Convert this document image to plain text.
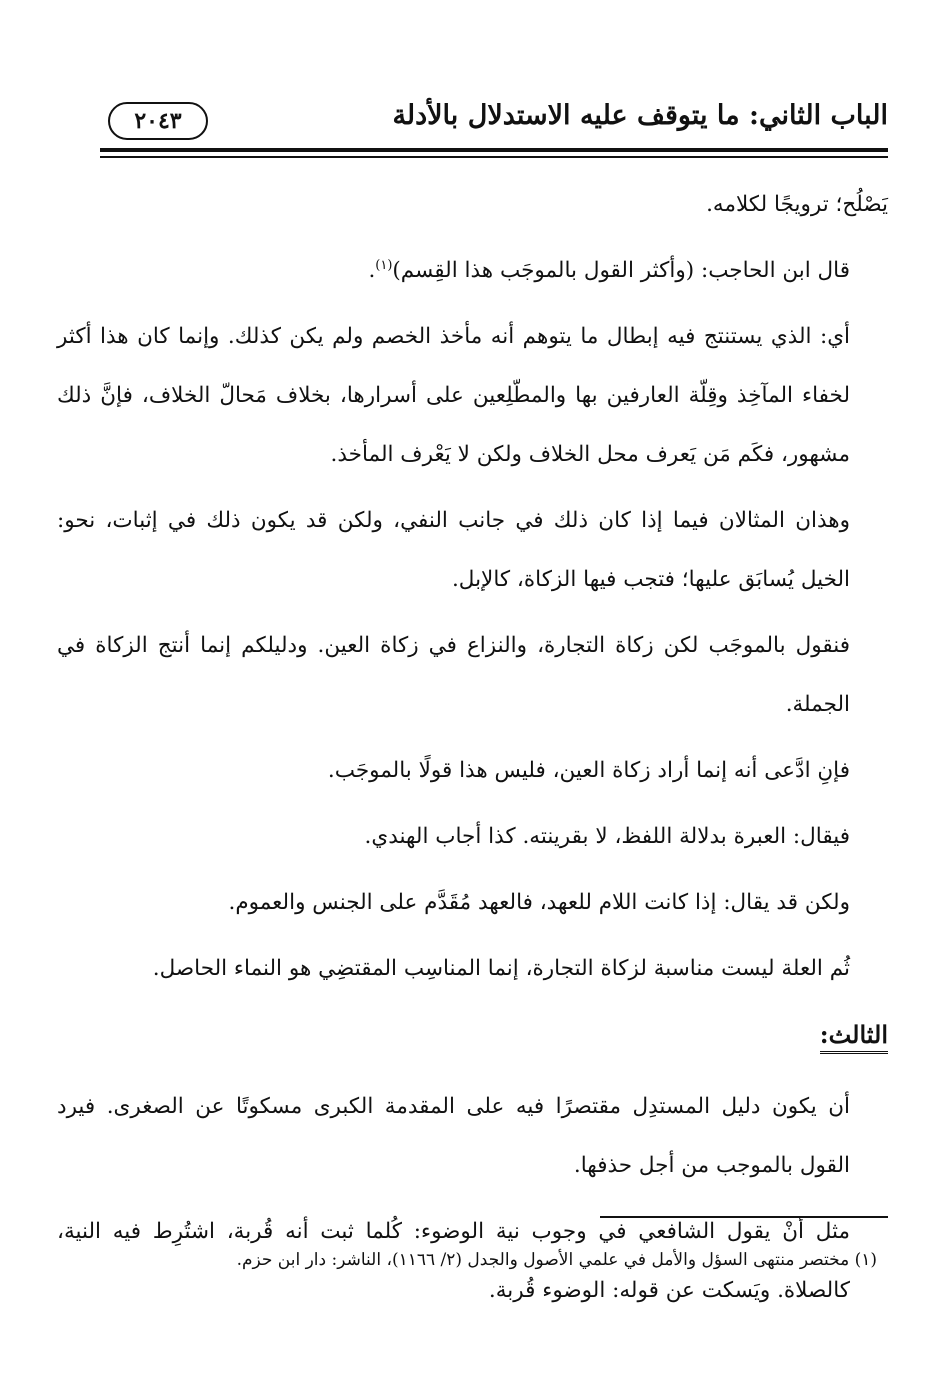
الباب الثاني: ما يتوقف عليه الاستدلال بالأدلة
٢٠٤٣

يَصْلُح؛ ترويجًا لكلامه.

قال ابن الحاجب: (وأكثر القول بالموجَب هذا القِسم)$^{(١)}$.

أي: الذي يستنتج فيه إبطال ما يتوهم أنه مأخذ الخصم ولم يكن كذلك. وإنما كان هذا أكثر لخفاء المآخِذ وقِلّة العارفين بها والمطّلِعين على أسرارها، بخلاف مَحالّ الخلاف، فإنَّ ذلك مشهور، فكَم مَن يَعرف محل الخلاف ولكن لا يَعْرف المأخذ.

وهذان المثالان فيما إذا كان ذلك في جانب النفي، ولكن قد يكون ذلك في إثبات، نحو: الخيل يُسابَق عليها؛ فتجب فيها الزكاة، كالإبل.

فنقول بالموجَب لكن زكاة التجارة، والنزاع في زكاة العين. ودليلكم إنما أنتج الزكاة في الجملة.

فإنِ ادَّعى أنه إنما أراد زكاة العين، فليس هذا قولًا بالموجَب.

فيقال: العبرة بدلالة اللفظ، لا بقرينته. كذا أجاب الهندي.

ولكن قد يقال: إذا كانت اللام للعهد، فالعهد مُقَدَّم على الجنس والعموم.

ثُم العلة ليست مناسبة لزكاة التجارة، إنما المناسِب المقتضِي هو النماء الحاصل.

الثالث:

أن يكون دليل المستدِل مقتصرًا فيه على المقدمة الكبرى مسكوتًا عن الصغرى. فيرد القول بالموجب من أجل حذفها.

مثل أنْ يقول الشافعي في وجوب نية الوضوء: كُلما ثبت أنه قُربة، اشتُرِط فيه النية، كالصلاة. ويَسكت عن قوله: الوضوء قُربة.

(١) مختصر منتهى السؤل والأمل في علمي الأصول والجدل (٢/ ١١٦٦)، الناشر: دار ابن حزم.
